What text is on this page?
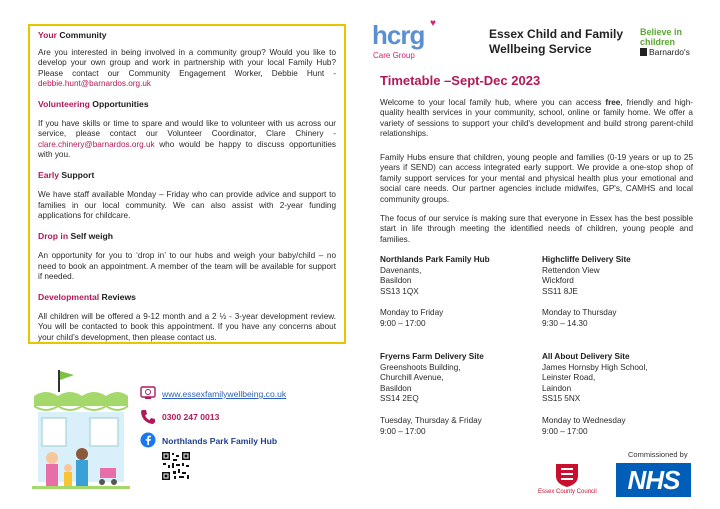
Your Community

Are you interested in being involved in a community group? Would you like to develop your own group and work in partnership with your local Family Hub? Please contact our Community Engagement Worker, Debbie Hunt - debbie.hunt@barnardos.org.uk

Volunteering Opportunities

If you have skills or time to spare and would like to volunteer with us across our service, please contact our Volunteer Coordinator, Clare Chinery - clare.chinery@barnardos.org.uk who would be happy to discuss opportunities with you.

Early Support

We have staff available Monday – Friday who can provide advice and support to families in our local community. We can also assist with 2-year funding applications for childcare.

Drop in Self weigh

An opportunity for you to ‘drop in’ to our hubs and weigh your baby/child – no need to book an appointment. A member of the team will be available for support if needed.

Developmental Reviews

All children will be offered a 9-12 month and a 2 ½ - 3-year development review. You will be contacted to book this appointment. If you have any concerns about your child’s development, then please contact us.

www.essexfamilywellbeing.co.uk
0300 247 0013
Northlands Park Family Hub
hcrg ♥
Care Group
Essex Child and Family
Wellbeing Service
Believe in
children
Barnardo's
Timetable –Sept-Dec 2023

Welcome to your local family hub, where you can access free, friendly and high-quality health services in your community, school, online or family home. We offer a variety of sessions to support your child's development and build strong parent-child relationships.

Family Hubs ensure that children, young people and families (0-19 years or up to 25 years if SEND) can access integrated early support. We provide a one-stop shop of family support services for your mental and physical health plus your emotional and social care needs. Our partner agencies include midwifes, GP's, CAMHS and local community groups.

The focus of our service is making sure that everyone in Essex has the best possible start in life through meeting the identified needs of children, young people and families.

Northlands Park Family Hub
Davenants,
Basildon
SS13 1QX
Monday to Friday
9:00 – 17:00
Highcliffe Delivery Site
Rettendon View
Wickford
SS11 8JE
Monday to Thursday
9:30 – 14.30
Fryerns Farm Delivery Site
Greenshoots Building,
Churchill Avenue,
Basildon
SS14 2EQ
Tuesday, Thursday & Friday
9:00 – 17:00
All About Delivery Site
James Hornsby High School,
Leinster Road,
Laindon
SS15 5NX
Monday to Wednesday
9:00 – 17:00
Commissioned by
Essex County Council	NHS
